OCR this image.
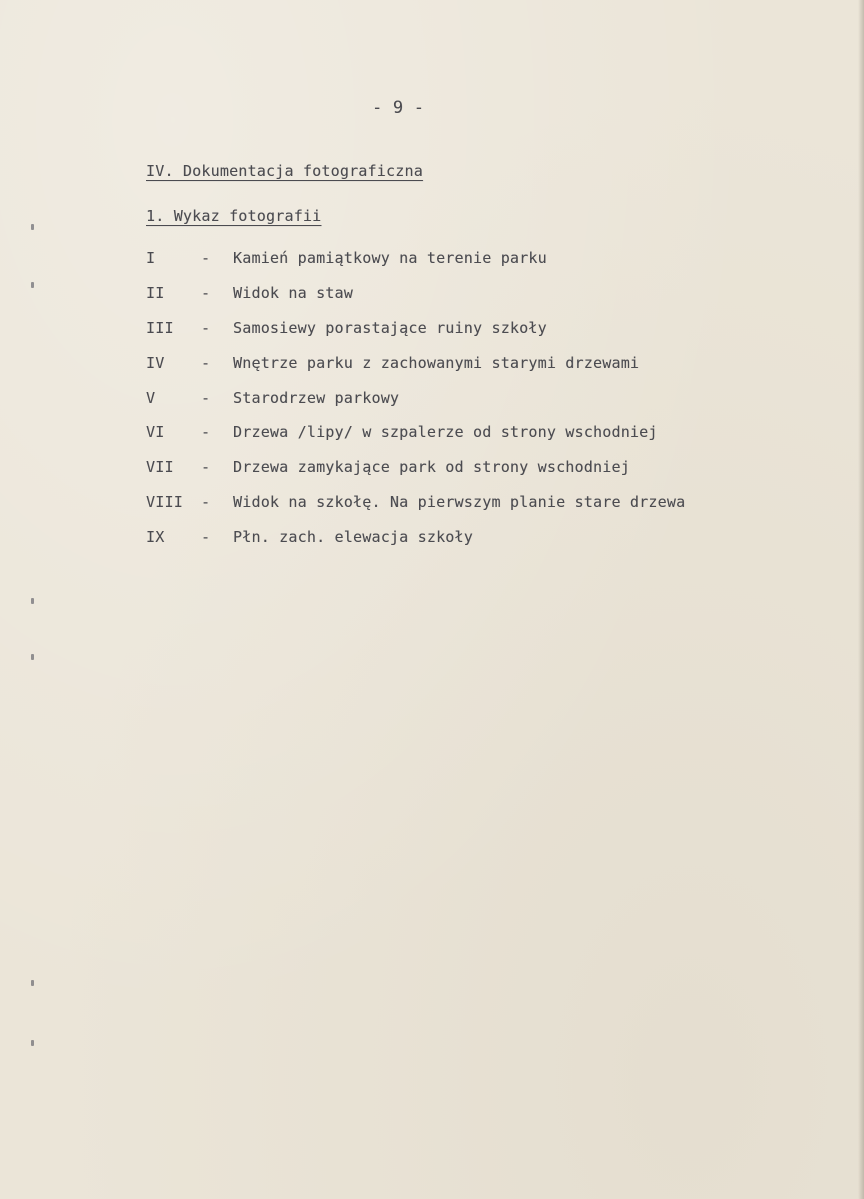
- 9 -
IV. Dokumentacja fotograficzna
1. Wykaz fotografii
I	-	Kamień pamiątkowy na terenie parku
II	-	Widok na staw
III	-	Samosiewy porastające ruiny szkoły
IV	-	Wnętrze parku z zachowanymi starymi drzewami
V	-	Starodrzew parkowy
VI	-	Drzewa /lipy/ w szpalerze od strony wschodniej
VII	-	Drzewa zamykające park od strony wschodniej
VIII	-	Widok na szkołę. Na pierwszym planie stare drzewa
IX	-	Płn. zach. elewacja szkoły
